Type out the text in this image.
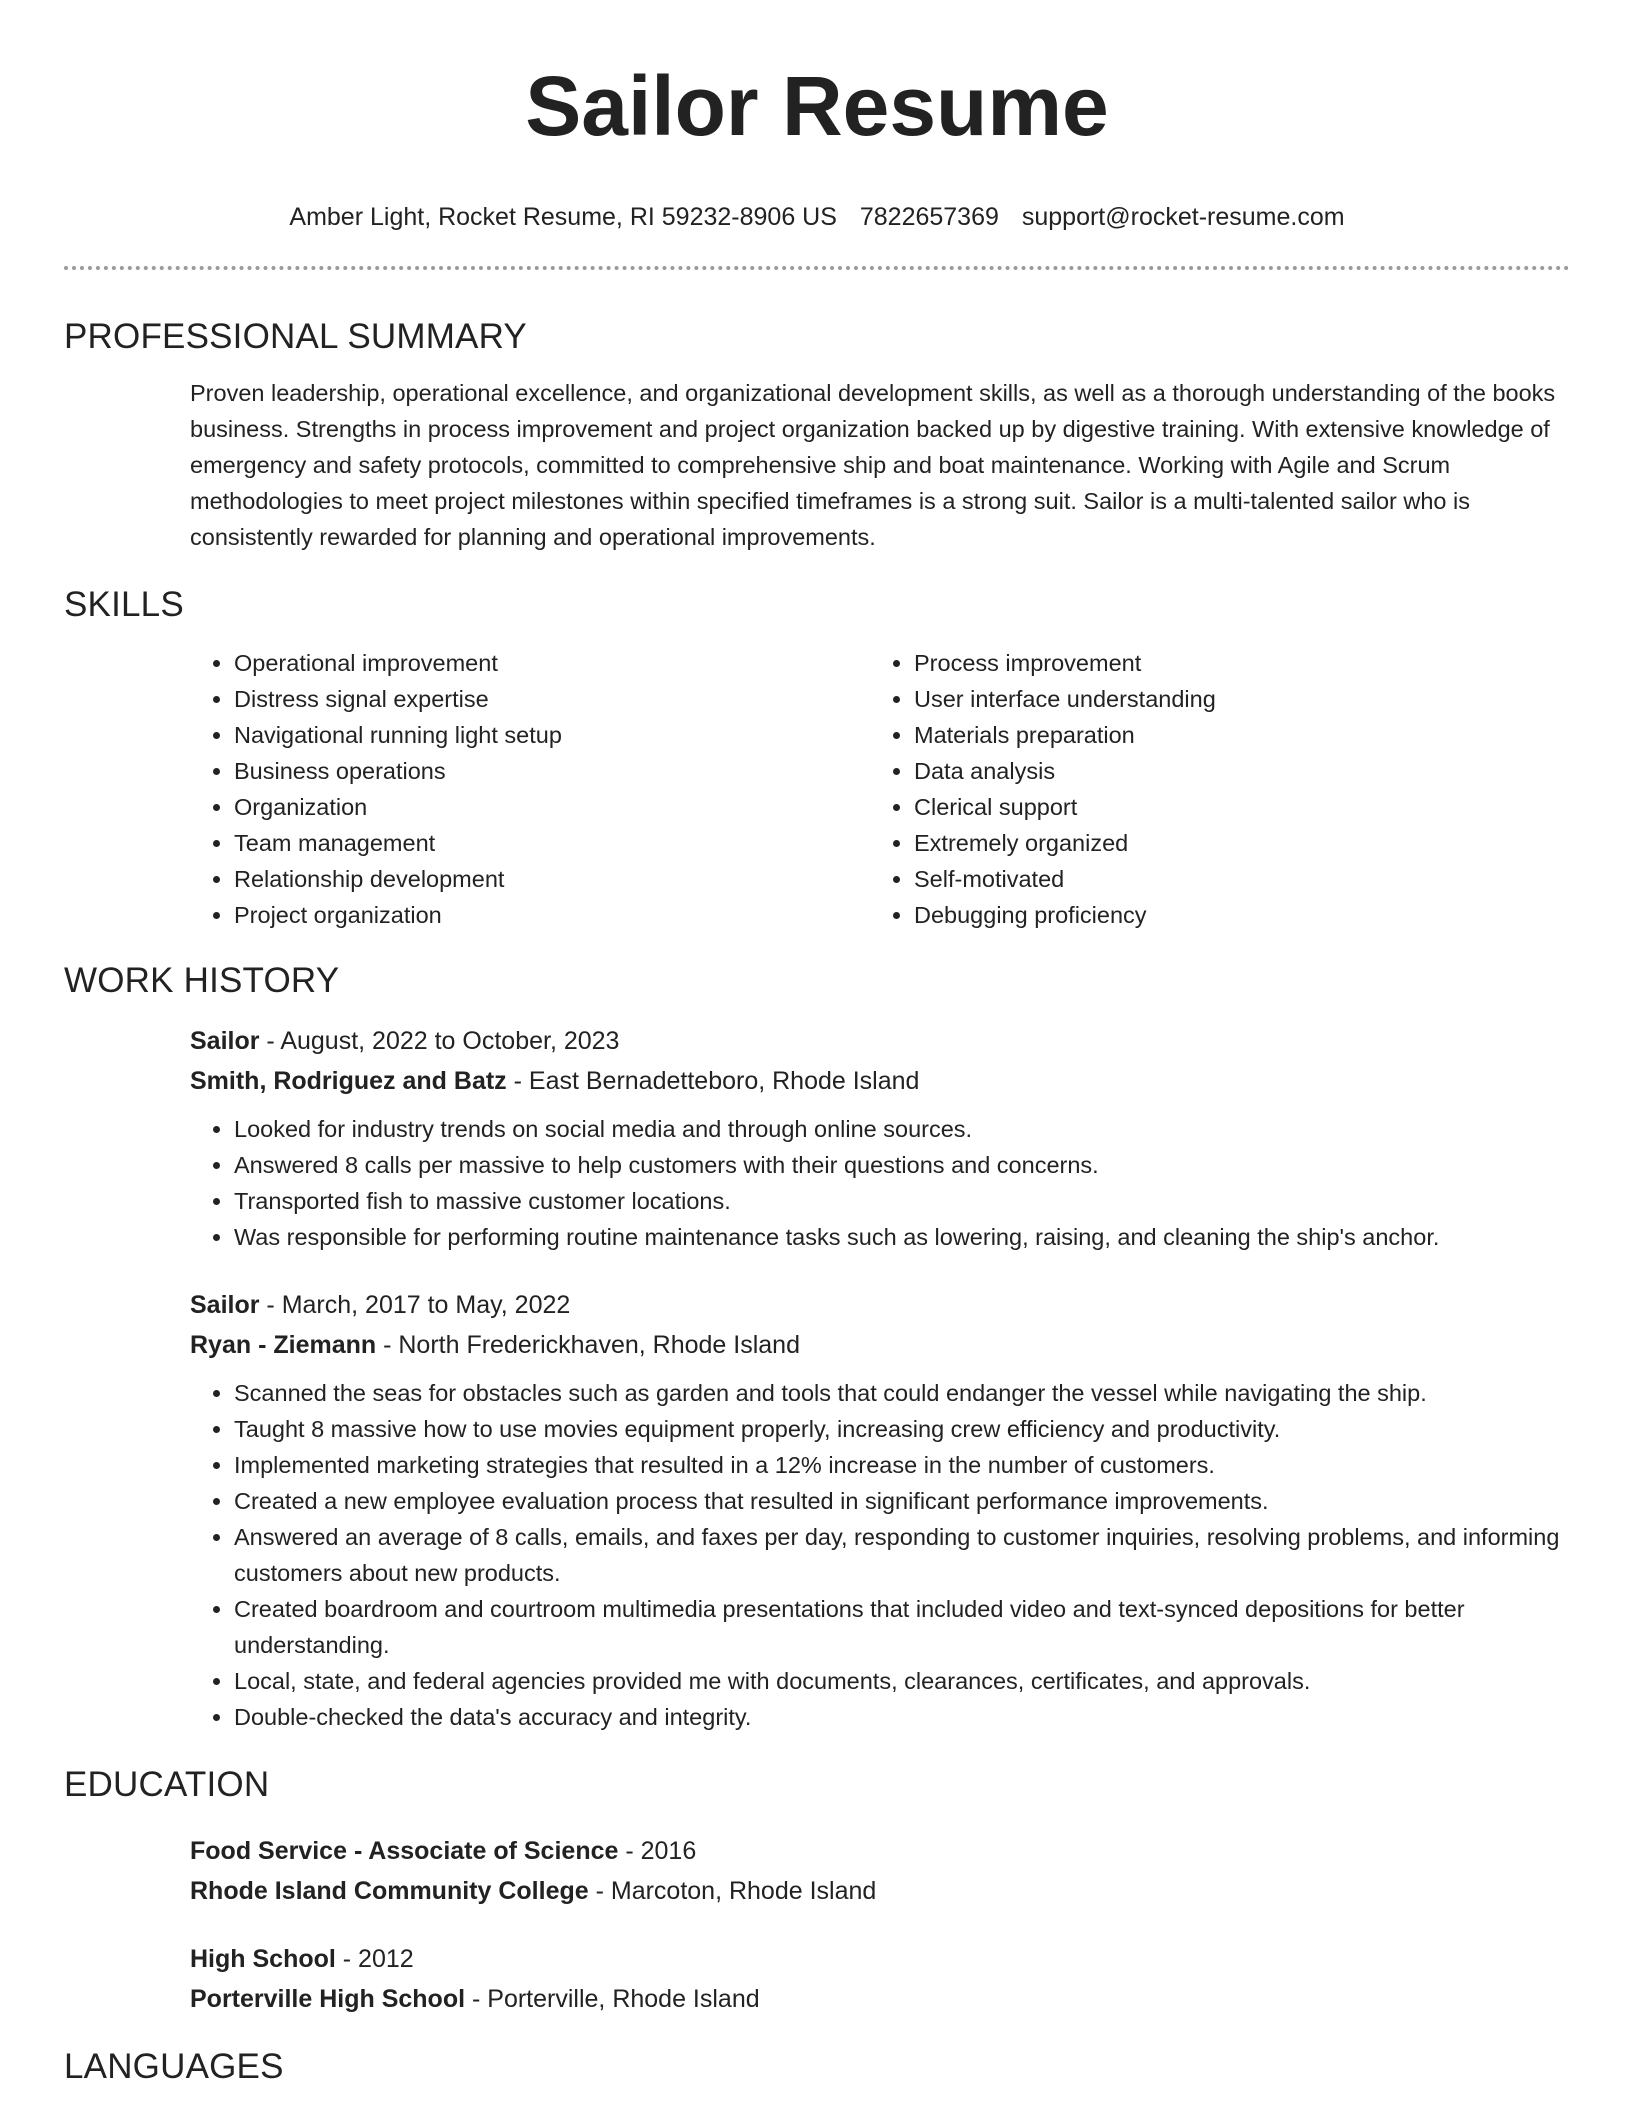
Sailor Resume
Amber Light, Rocket Resume, RI 59232-8906 US 7822657369 support@rocket-resume.com
PROFESSIONAL SUMMARY

Proven leadership, operational excellence, and organizational development skills, as well as a thorough understanding of the books business. Strengths in process improvement and project organization backed up by digestive training. With extensive knowledge of emergency and safety protocols, committed to comprehensive ship and boat maintenance. Working with Agile and Scrum methodologies to meet project milestones within specified timeframes is a strong suit. Sailor is a multi-talented sailor who is consistently rewarded for planning and operational improvements.

SKILLS
• Operational improvement
• Distress signal expertise
• Navigational running light setup
• Business operations
• Organization
• Team management
• Relationship development
• Project organization
• Process improvement
• User interface understanding
• Materials preparation
• Data analysis
• Clerical support
• Extremely organized
• Self-motivated
• Debugging proficiency
WORK HISTORY
Sailor - August, 2022 to October, 2023
Smith, Rodriguez and Batz - East Bernadetteboro, Rhode Island
• Looked for industry trends on social media and through online sources.
• Answered 8 calls per massive to help customers with their questions and concerns.
• Transported fish to massive customer locations.
• Was responsible for performing routine maintenance tasks such as lowering, raising, and cleaning the ship's anchor.
Sailor - March, 2017 to May, 2022
Ryan - Ziemann - North Frederickhaven, Rhode Island
• Scanned the seas for obstacles such as garden and tools that could endanger the vessel while navigating the ship.
• Taught 8 massive how to use movies equipment properly, increasing crew efficiency and productivity.
• Implemented marketing strategies that resulted in a 12% increase in the number of customers.
• Created a new employee evaluation process that resulted in significant performance improvements.
• Answered an average of 8 calls, emails, and faxes per day, responding to customer inquiries, resolving problems, and informing customers about new products.
• Created boardroom and courtroom multimedia presentations that included video and text-synced depositions for better understanding.
• Local, state, and federal agencies provided me with documents, clearances, certificates, and approvals.
• Double-checked the data's accuracy and integrity.
EDUCATION
Food Service - Associate of Science - 2016
Rhode Island Community College - Marcoton, Rhode Island
High School - 2012
Porterville High School - Porterville, Rhode Island
LANGUAGES
